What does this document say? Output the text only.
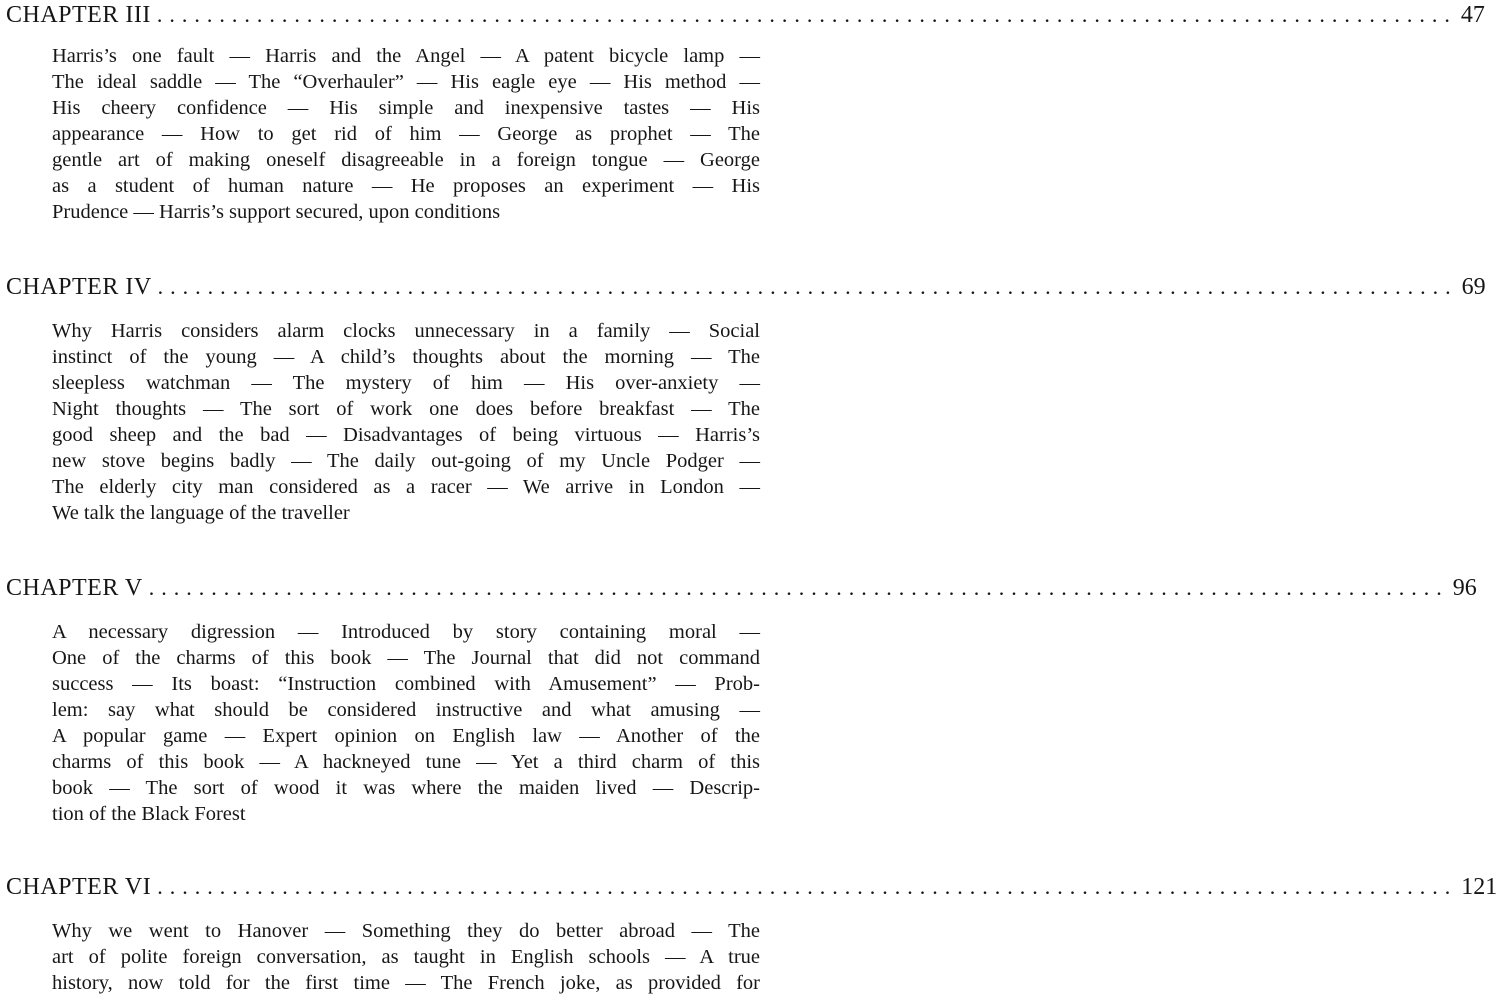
CHAPTER III ........................................................................................................ 47
Harris’s one fault — Harris and the Angel — A patent bicycle lamp —
The ideal saddle — The “Overhauler” — His eagle eye — His method —
His cheery confidence — His simple and inexpensive tastes — His
appearance — How to get rid of him — George as prophet — The
gentle art of making oneself disagreeable in a foreign tongue — George
as a student of human nature — He proposes an experiment — His
Prudence — Harris’s support secured, upon conditions
CHAPTER IV ........................................................................................................ 69
Why Harris considers alarm clocks unnecessary in a family — Social
instinct of the young — A child’s thoughts about the morning — The
sleepless watchman — The mystery of him — His over-anxiety —
Night thoughts — The sort of work one does before breakfast — The
good sheep and the bad — Disadvantages of being virtuous — Harris’s
new stove begins badly — The daily out-going of my Uncle Podger —
The elderly city man considered as a racer — We arrive in London —
We talk the language of the traveller
CHAPTER V ........................................................................................................ 96
A necessary digression — Introduced by story containing moral —
One of the charms of this book — The Journal that did not command
success — Its boast: “Instruction combined with Amusement” — Prob-
lem: say what should be considered instructive and what amusing —
A popular game — Expert opinion on English law — Another of the
charms of this book — A hackneyed tune — Yet a third charm of this
book — The sort of wood it was where the maiden lived — Descrip-
tion of the Black Forest
CHAPTER VI ........................................................................................................ 121
Why we went to Hanover — Something they do better abroad — The
art of polite foreign conversation, as taught in English schools — A true
history, now told for the first time — The French joke, as provided for
